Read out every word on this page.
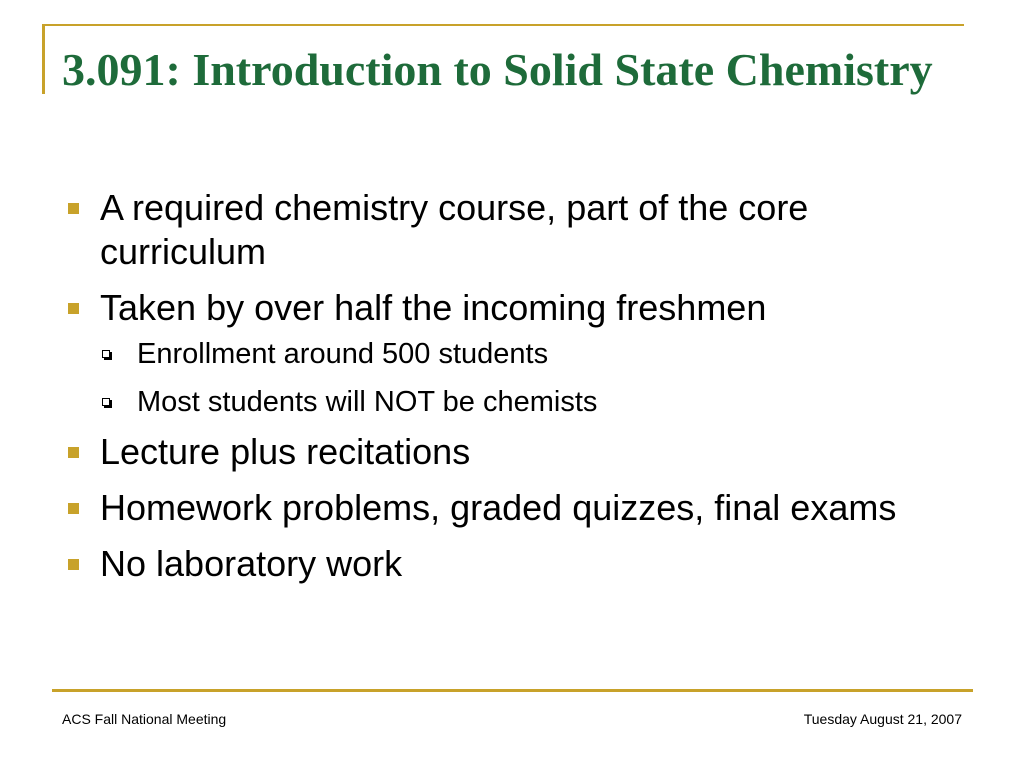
3.091: Introduction to Solid State Chemistry
A required chemistry course, part of the core curriculum
Taken by over half the incoming freshmen
Enrollment around 500 students
Most students will NOT be chemists
Lecture plus recitations
Homework problems, graded quizzes, final exams
No laboratory work
ACS Fall National Meeting	Tuesday August 21, 2007
